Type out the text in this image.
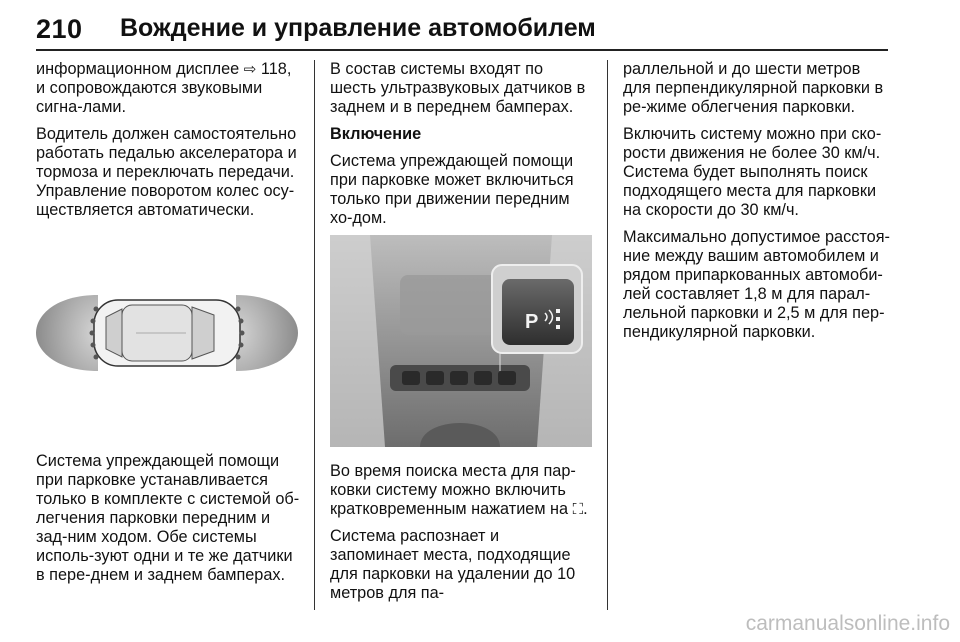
210 Вождение и управление автомобилем

информационном дисплее ⇨ 118, и сопровождаются звуковыми сигна-лами.

Водитель должен самостоятельно работать педалью акселератора и тормоза и переключать передачи. Управление поворотом колес осу-ществляется автоматически.

Система упреждающей помощи при парковке устанавливается только в комплекте с системой об-легчения парковки передним и зад-ним ходом. Обе системы исполь-зуют одни и те же датчики в пере-днем и заднем бамперах.

В состав системы входят по шесть ультразвуковых датчиков в заднем и в переднем бамперах.

Включение

Система упреждающей помощи при парковке может включиться только при движении передним хо-дом.

P

Во время поиска места для пар-ковки систему можно включить кратковременным нажатием на ⛶.

Система распознает и запоминает места, подходящие для парковки на удалении до 10 метров для па-

раллельной и до шести метров для перпендикулярной парковки в ре-жиме облегчения парковки.

Включить систему можно при ско-рости движения не более 30 км/ч. Система будет выполнять поиск подходящего места для парковки на скорости до 30 км/ч.

Максимально допустимое расстоя-ние между вашим автомобилем и рядом припаркованных автомоби-лей составляет 1,8 м для парал-лельной парковки и 2,5 м для пер-пендикулярной парковки.

carmanualsonline.info
